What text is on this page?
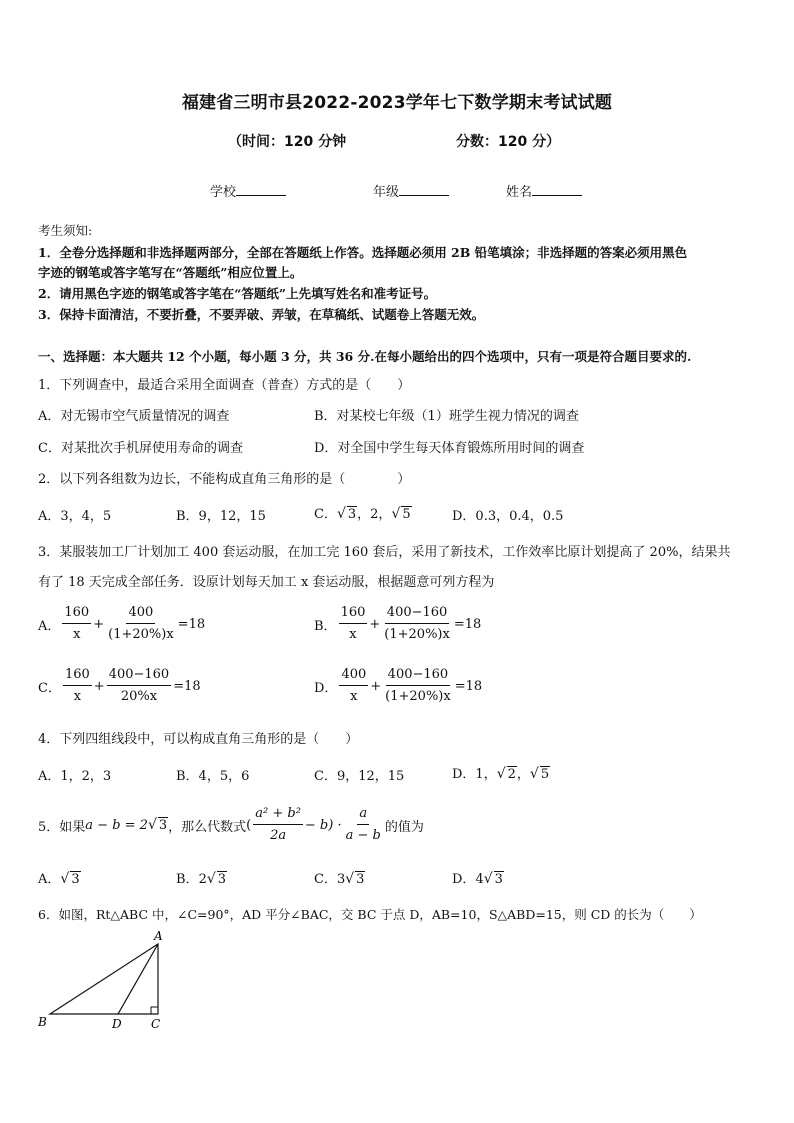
福建省三明市县2022-2023学年七下数学期末考试试题
（时间：120 分钟	分数：120 分）
学校	年级	姓名
考生须知:
1．全卷分选择题和非选择题两部分，全部在答题纸上作答。选择题必须用 2B 铅笔填涂；非选择题的答案必须用黑色
字迹的钢笔或答字笔写在“答题纸”相应位置上。
2．请用黑色字迹的钢笔或答字笔在“答题纸”上先填写姓名和准考证号。
3．保持卡面清洁，不要折叠，不要弄破、弄皱，在草稿纸、试题卷上答题无效。
一、选择题：本大题共 12 个小题，每小题 3 分，共 36 分.在每小题给出的四个选项中，只有一项是符合题目要求的.
1．下列调查中，最适合采用全面调查（普查）方式的是（　　）
A．对无锡市空气质量情况的调查	B．对某校七年级（1）班学生视力情况的调查
C．对某批次手机屏使用寿命的调查	D．对全国中学生每天体育锻炼所用时间的调查
2．以下列各组数为边长，不能构成直角三角形的是（　　　　）
A．3，4，5	B．9，12，15	C．√ 3，2，√ 5	D．0.3，0.4，0.5
3．某服装加工厂计划加工 400 套运动服，在加工完 160 套后，采用了新技术，工作效率比原计划提高了 20%，结果共
有了 18 天完成全部任务．设原计划每天加工 x 套运动服，根据题意可列方程为
A． $\frac{160}{x} + \frac{400}{(1+20\%)x} =18$	B． $\frac{160}{x} + \frac{400-160}{(1+20\%)x} =18$
C． $\frac{160}{x} + \frac{400-160}{20\%x} =18$	D． $\frac{400}{x} + \frac{400-160}{(1+20\%)x} =18$
4．下列四组线段中，可以构成直角三角形的是（　　）
A．1，2，3	B．4，5，6	C．9，12，15	D．1，√ 2，√ 5
5．如果 a − b = 2 √ 3 ，那么代数式 ( $\frac{\text{a² + b²}}{2a} - b) \cdot \frac{a}{a - b}$ 的值为
A．√ 3	B．2√ 3	C．3√ 3	D．4√ 3
6．如图，Rt△ABC 中，∠C=90°，AD 平分∠BAC，交 BC 于点 D，AB=10，S△ABD=15，则 CD 的长为（　　）
A
B	D C
